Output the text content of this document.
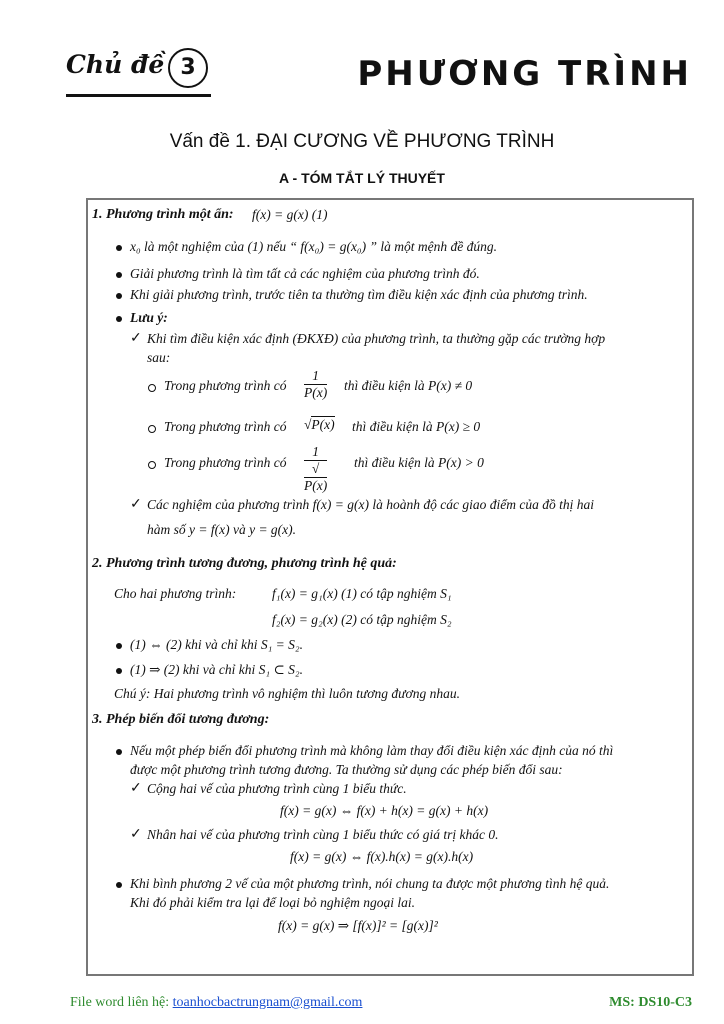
Chủ đề 3	PHƯƠNG TRÌNH
Vấn đề 1. ĐẠI CƯƠNG VỀ PHƯƠNG TRÌNH
A - TÓM TẮT LÝ THUYẾT
1. Phương trình một ẩn: f(x) = g(x) (1)
x₀ là một nghiệm của (1) nếu “ f(x₀) = g(x₀) ” là một mệnh đề đúng.
Giải phương trình là tìm tất cả các nghiệm của phương trình đó.
Khi giải phương trình, trước tiên ta thường tìm điều kiện xác định của phương trình.
Lưu ý:
✓ Khi tìm điều kiện xác định (ĐKXĐ) của phương trình, ta thường gặp các trường hợp
sau:
Trong phương trình có $\frac{1}{P(x)}$ thì điều kiện là P(x) ≠ 0
Trong phương trình có √P(x) thì điều kiện là P(x) ≥ 0
Trong phương trình có 1
√
P(x) thì điều kiện là P(x) > 0
✓ Các nghiệm của phương trình f(x) = g(x) là hoành độ các giao điểm của đồ thị hai
hàm số y = f(x) và y = g(x).
2. Phương trình tương đương, phương trình hệ quả:
Cho hai phương trình:	f₁(x) = g₁(x) (1) có tập nghiệm S₁
f₂(x) = g₂(x) (2) có tập nghiệm S₂
(1) ⇔ (2) khi và chỉ khi S₁ = S₂.
(1) ⇒ (2) khi và chỉ khi S₁ ⊂ S₂.
Chú ý: Hai phương trình vô nghiệm thì luôn tương đương nhau.
3. Phép biến đổi tương đương:
Nếu một phép biến đổi phương trình mà không làm thay đổi điều kiện xác định của nó thì
được một phương trình tương đương. Ta thường sử dụng các phép biến đổi sau:
✓ Cộng hai vế của phương trình cùng 1 biểu thức.
f(x) = g(x) ⇔ f(x) + h(x) = g(x) + h(x)
✓ Nhân hai vế của phương trình cùng 1 biểu thức có giá trị khác 0.
f(x) = g(x) ⇔ f(x).h(x) = g(x).h(x)
Khi bình phương 2 vế của một phương trình, nói chung ta được một phương tình hệ quả.
Khi đó phải kiểm tra lại để loại bỏ nghiệm ngoại lai.
f(x) = g(x) ⇒ [f(x)]² = [g(x)]²
File word liên hệ: toanhocbactrungnam@gmail.com	MS: DS10-C3
